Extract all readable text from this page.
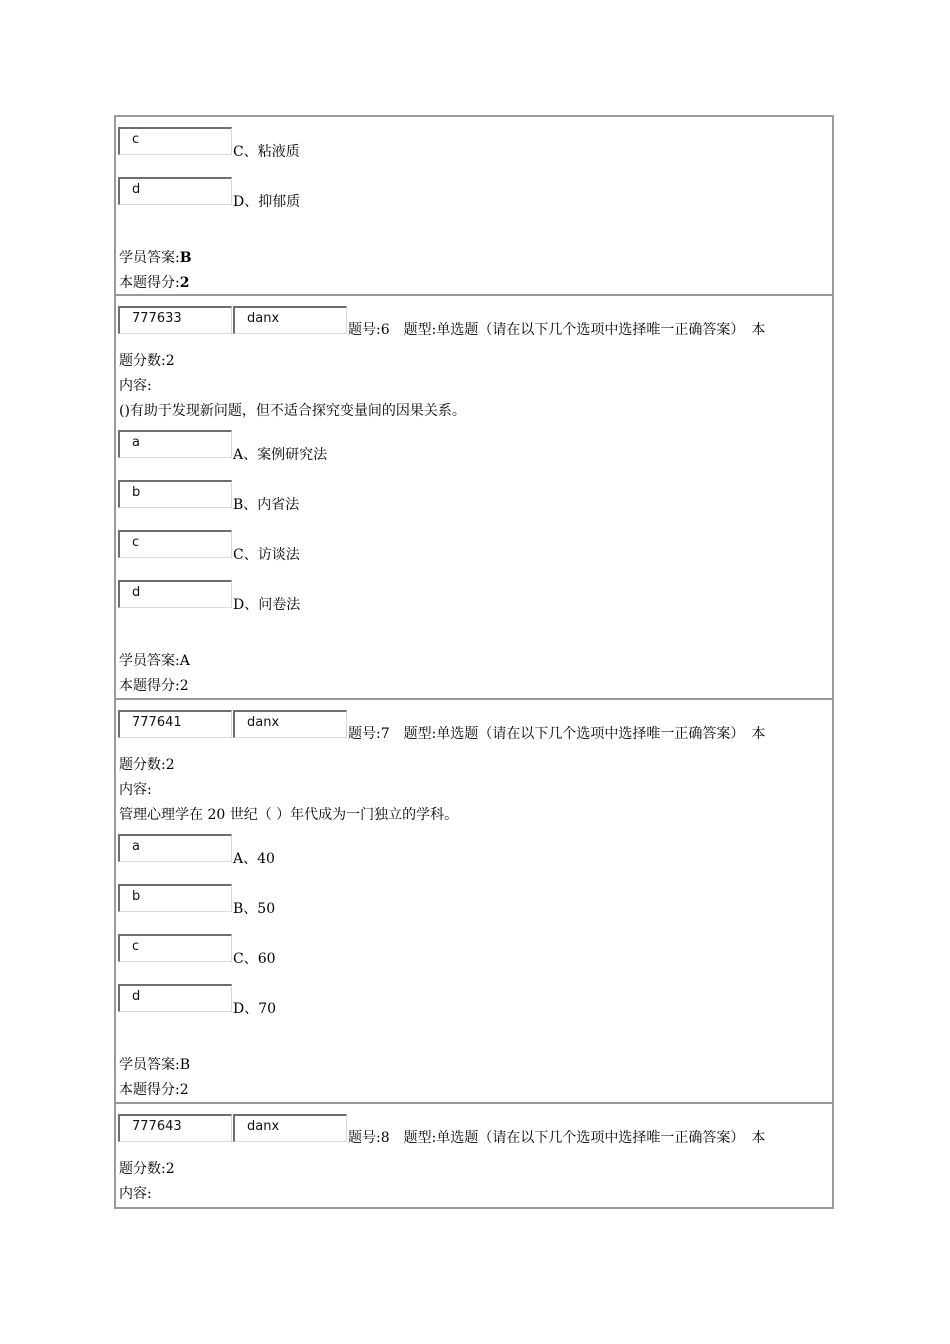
c
C、粘液质
d
D、抑郁质
学员答案:B
本题得分:2
777633	danx
题号:6　题型:单选题（请在以下几个选项中选择唯一正确答案）　本
题分数:2
内容:
()有助于发现新问题，但不适合探究变量间的因果关系。
a
A、案例研究法
b
B、内省法
c
C、访谈法
d
D、问卷法
学员答案:A
本题得分:2
777641	danx
题号:7　题型:单选题（请在以下几个选项中选择唯一正确答案）　本
题分数:2
内容:
管理心理学在 20 世纪（ ）年代成为一门独立的学科。
a
A、40
b
B、50
c
C、60
d
D、70
学员答案:B
本题得分:2
777643	danx
题号:8　题型:单选题（请在以下几个选项中选择唯一正确答案）　本
题分数:2
内容:
